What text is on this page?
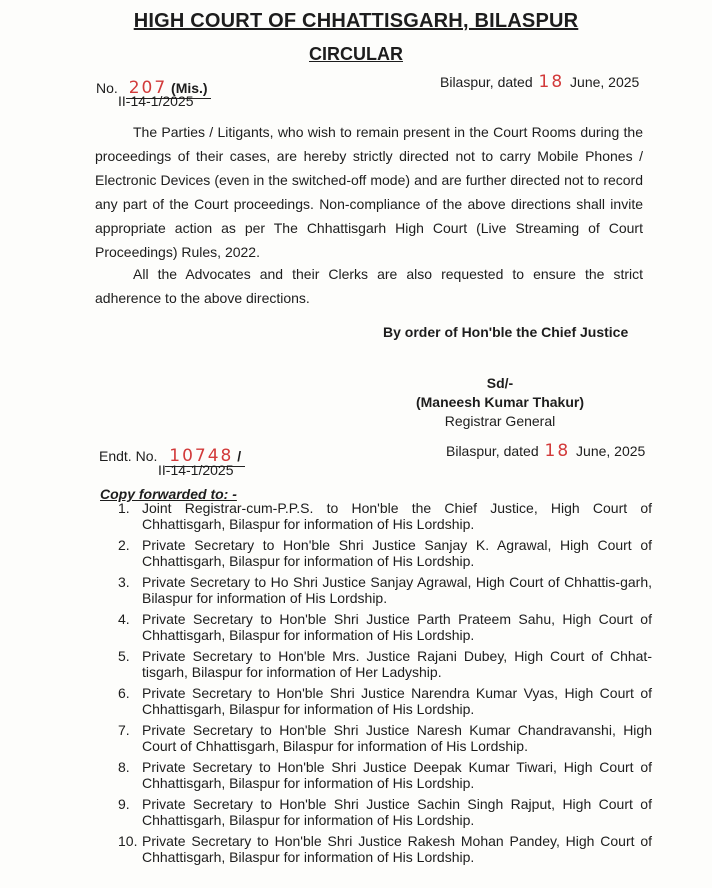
HIGH COURT OF CHHATTISGARH, BILASPUR
CIRCULAR
No. 207 (Mis.)
II-14-1/2025
Bilaspur, dated 18 June, 2025
The Parties / Litigants, who wish to remain present in the Court Rooms during the proceedings of their cases, are hereby strictly directed not to carry Mobile Phones / Electronic Devices (even in the switched-off mode) and are further directed not to record any part of the Court proceedings. Non-compliance of the above directions shall invite appropriate action as per The Chhattisgarh High Court (Live Streaming of Court Proceedings) Rules, 2022.
All the Advocates and their Clerks are also requested to ensure the strict adherence to the above directions.
By order of Hon'ble the Chief Justice
Sd/-
(Maneesh Kumar Thakur)
Registrar General
Endt. No. 10748 /
II-14-1/2025
Bilaspur, dated 18 June, 2025
Copy forwarded to: -
1. Joint Registrar-cum-P.P.S. to Hon'ble the Chief Justice, High Court of Chhattisgarh, Bilaspur for information of His Lordship.
2. Private Secretary to Hon'ble Shri Justice Sanjay K. Agrawal, High Court of Chhattisgarh, Bilaspur for information of His Lordship.
3. Private Secretary to Ho Shri Justice Sanjay Agrawal, High Court of Chhattis-garh, Bilaspur for information of His Lordship.
4. Private Secretary to Hon'ble Shri Justice Parth Prateem Sahu, High Court of Chhattisgarh, Bilaspur for information of His Lordship.
5. Private Secretary to Hon'ble Mrs. Justice Rajani Dubey, High Court of Chhat-tisgarh, Bilaspur for information of Her Ladyship.
6. Private Secretary to Hon'ble Shri Justice Narendra Kumar Vyas, High Court of Chhattisgarh, Bilaspur for information of His Lordship.
7. Private Secretary to Hon'ble Shri Justice Naresh Kumar Chandravanshi, High Court of Chhattisgarh, Bilaspur for information of His Lordship.
8. Private Secretary to Hon'ble Shri Justice Deepak Kumar Tiwari, High Court of Chhattisgarh, Bilaspur for information of His Lordship.
9. Private Secretary to Hon'ble Shri Justice Sachin Singh Rajput, High Court of Chhattisgarh, Bilaspur for information of His Lordship.
10. Private Secretary to Hon'ble Shri Justice Rakesh Mohan Pandey, High Court of Chhattisgarh, Bilaspur for information of His Lordship.
